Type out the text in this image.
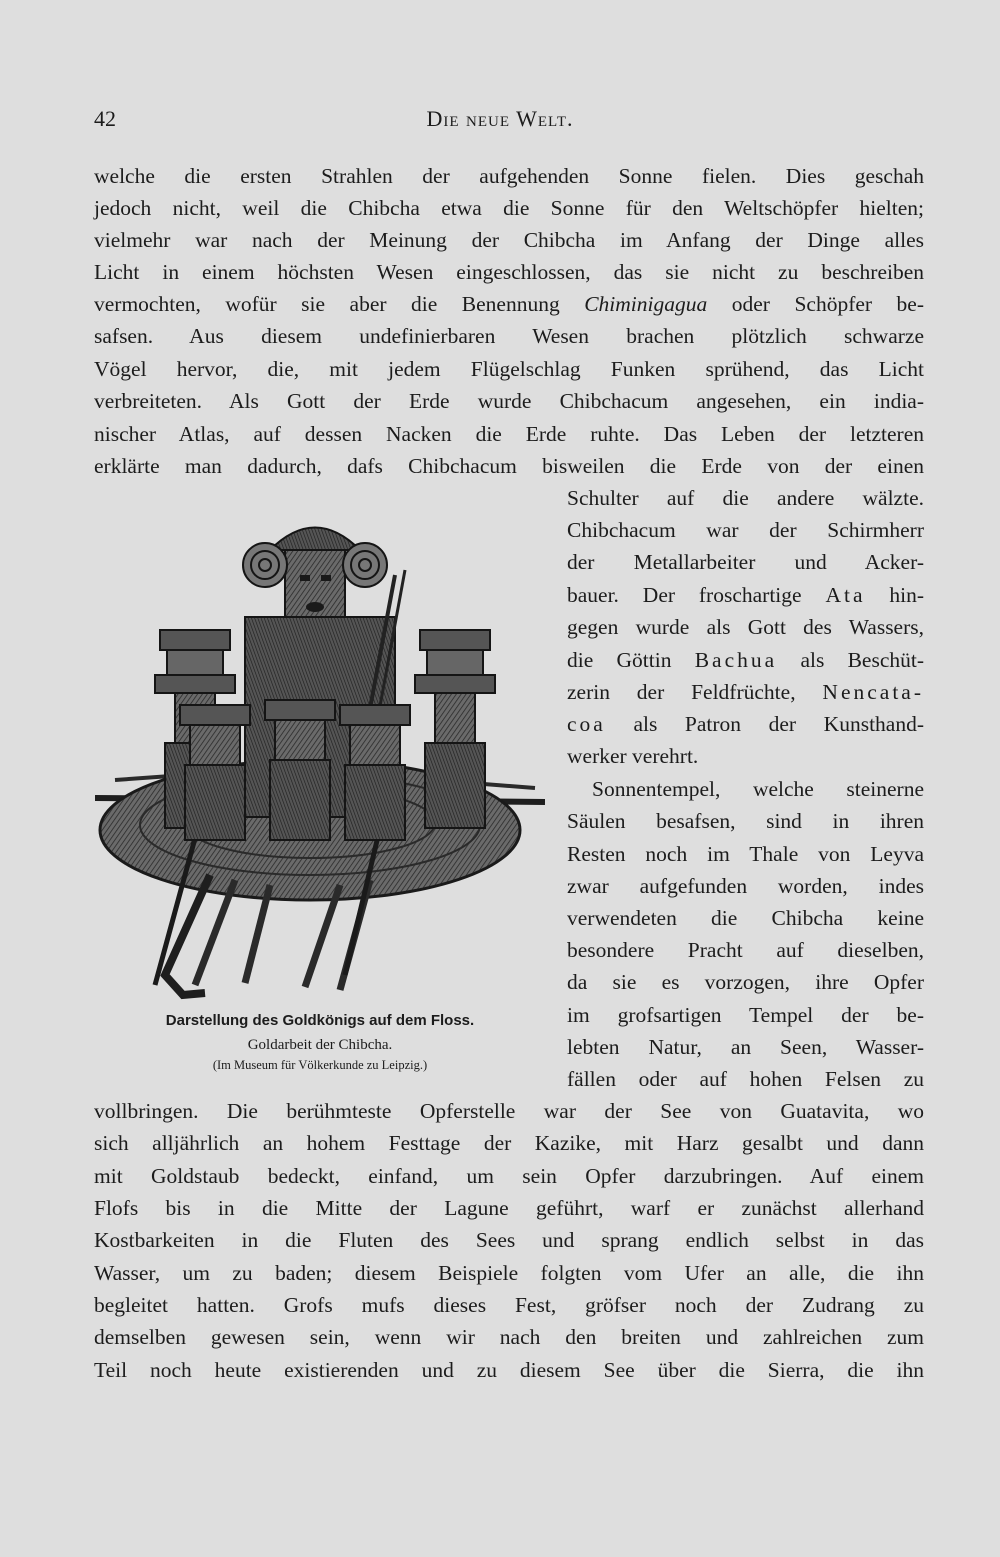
42	Die neue Welt.
welche die ersten Strahlen der aufgehenden Sonne fielen. Dies geschah
jedoch nicht, weil die Chibcha etwa die Sonne für den Weltschöpfer hielten;
vielmehr war nach der Meinung der Chibcha im Anfang der Dinge alles
Licht in einem höchsten Wesen eingeschlossen, das sie nicht zu beschreiben
vermochten, wofür sie aber die Benennung Chiminigagua oder Schöpfer be-
safsen. Aus diesem undefinierbaren Wesen brachen plötzlich schwarze
Vögel hervor, die, mit jedem Flügelschlag Funken sprühend, das Licht
verbreiteten. Als Gott der Erde wurde Chibchacum angesehen, ein india-
nischer Atlas, auf dessen Nacken die Erde ruhte. Das Leben der letzteren
erklärte man dadurch, dafs Chibchacum bisweilen die Erde von der einen
Schulter auf die andere wälzte.
Chibchacum war der Schirmherr
der Metallarbeiter und Acker-
bauer. Der froschartige Ata hin-
gegen wurde als Gott des Wassers,
die Göttin Bachua als Beschüt-
zerin der Feldfrüchte, Nencata-
coa als Patron der Kunsthand-
werker verehrt.
Sonnentempel, welche steinerne
Säulen besafsen, sind in ihren
Resten noch im Thale von Leyva
zwar aufgefunden worden, indes
verwendeten die Chibcha keine
besondere Pracht auf dieselben,
da sie es vorzogen, ihre Opfer
im grofsartigen Tempel der be-
lebten Natur, an Seen, Wasser-
fällen oder auf hohen Felsen zu
Darstellung des Goldkönigs auf dem Floss.
Goldarbeit der Chibcha.
(Im Museum für Völkerkunde zu Leipzig.)
vollbringen. Die berühmteste Opferstelle war der See von Guatavita, wo
sich alljährlich an hohem Festtage der Kazike, mit Harz gesalbt und dann
mit Goldstaub bedeckt, einfand, um sein Opfer darzubringen. Auf einem
Flofs bis in die Mitte der Lagune geführt, warf er zunächst allerhand
Kostbarkeiten in die Fluten des Sees und sprang endlich selbst in das
Wasser, um zu baden; diesem Beispiele folgten vom Ufer an alle, die ihn
begleitet hatten. Grofs mufs dieses Fest, gröfser noch der Zudrang zu
demselben gewesen sein, wenn wir nach den breiten und zahlreichen zum
Teil noch heute existierenden und zu diesem See über die Sierra, die ihn
